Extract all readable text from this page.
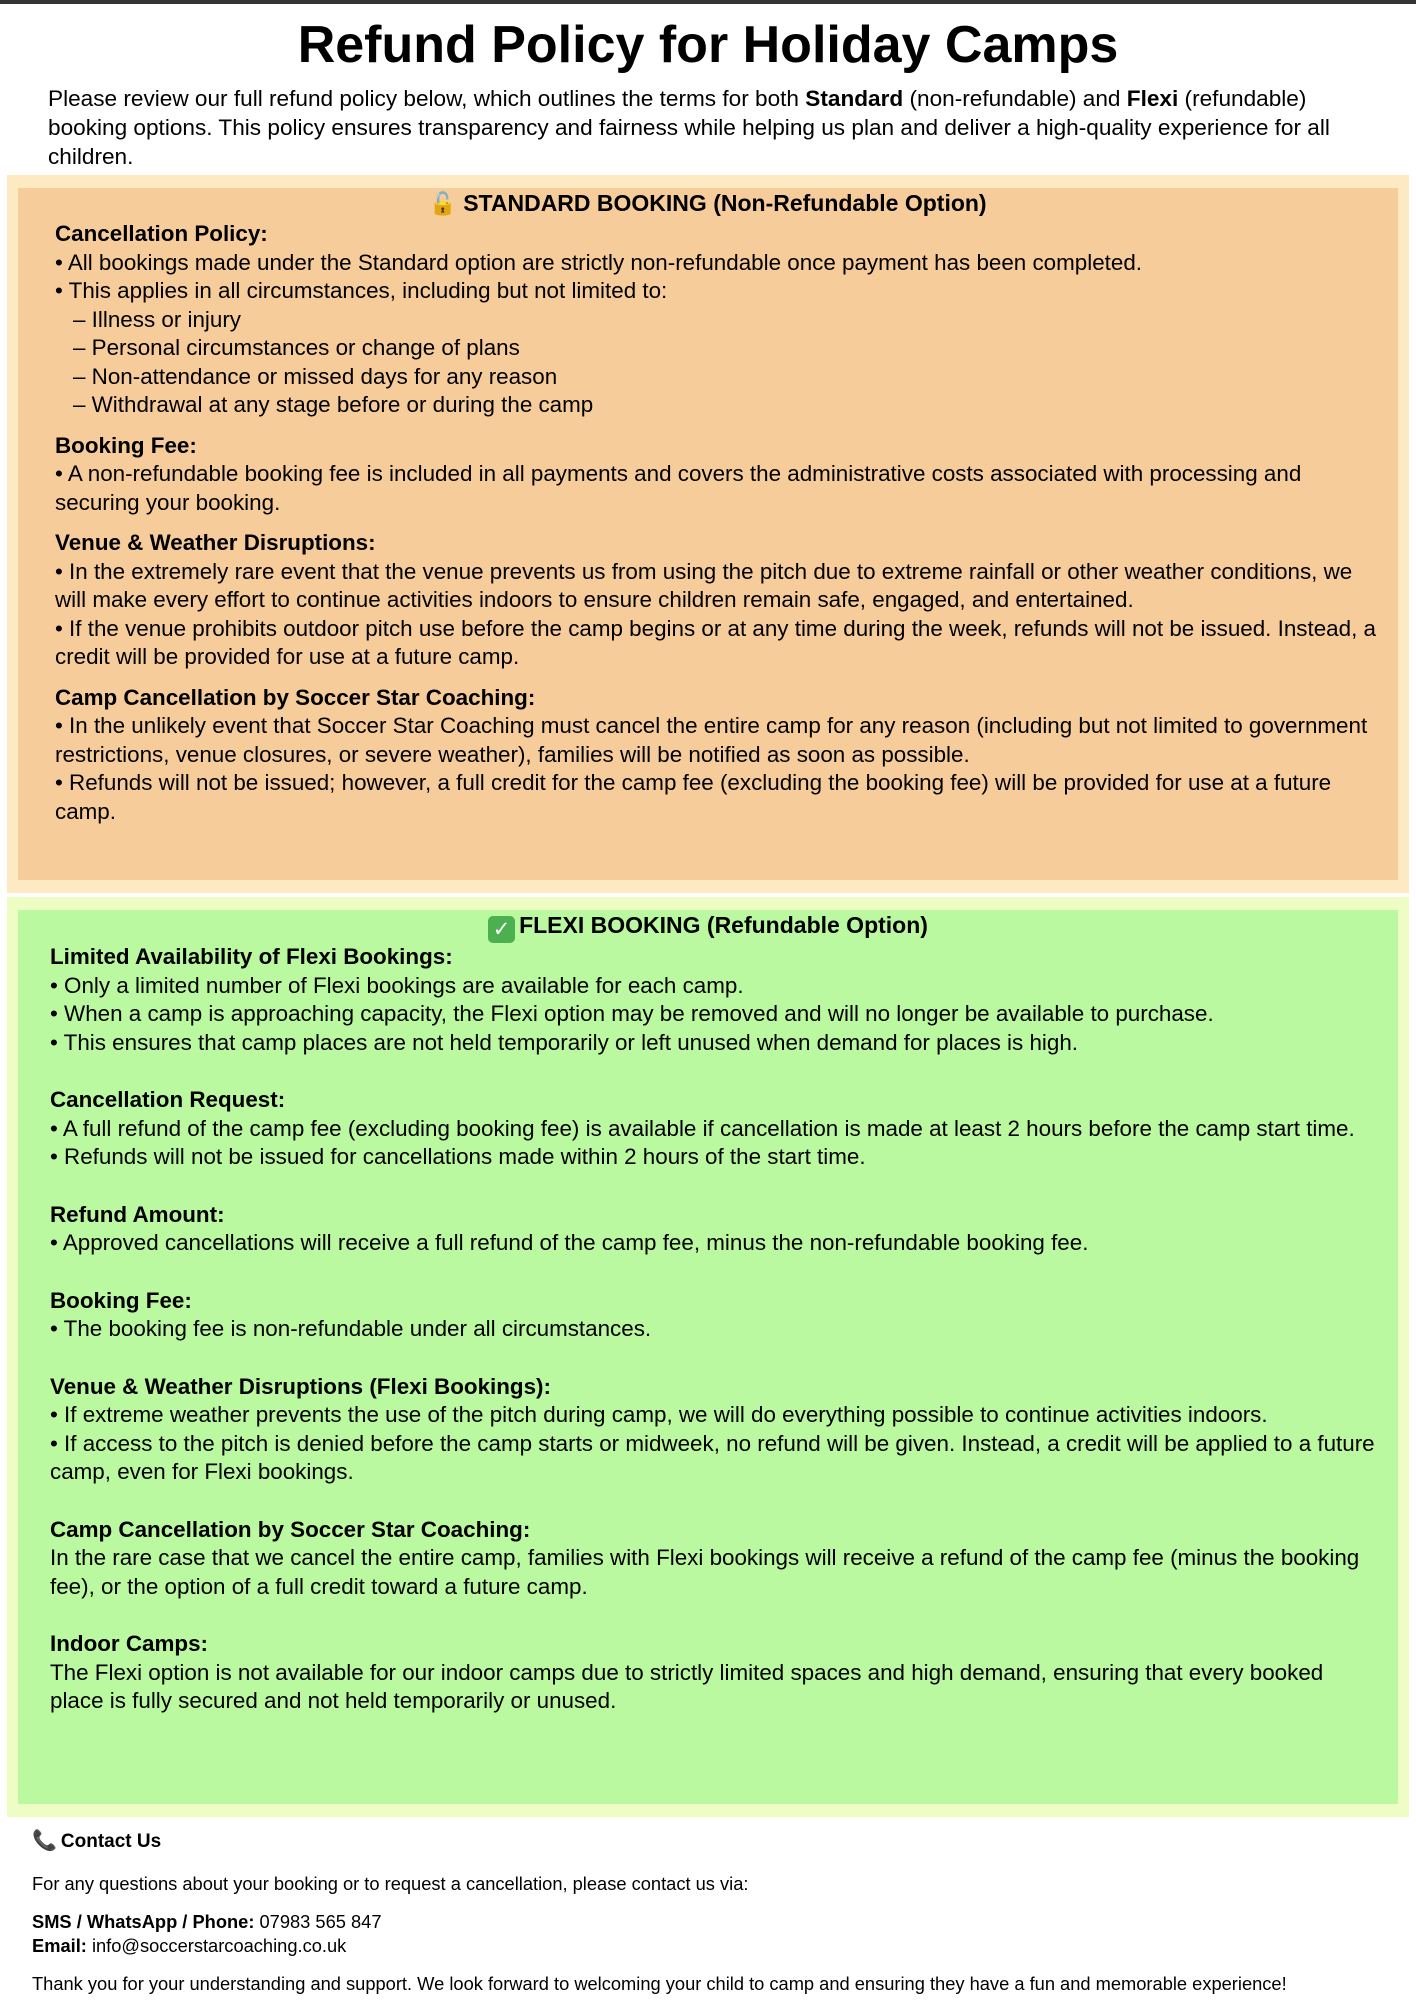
Refund Policy for Holiday Camps

Please review our full refund policy below, which outlines the terms for both Standard (non-refundable) and Flexi (refundable) booking options. This policy ensures transparency and fairness while helping us plan and deliver a high-quality experience for all children.

🔓 STANDARD BOOKING (Non-Refundable Option)
Cancellation Policy:
• All bookings made under the Standard option are strictly non-refundable once payment has been completed.
• This applies in all circumstances, including but not limited to:
– Illness or injury
– Personal circumstances or change of plans
– Non-attendance or missed days for any reason
– Withdrawal at any stage before or during the camp
Booking Fee:
• A non-refundable booking fee is included in all payments and covers the administrative costs associated with processing and securing your booking.
Venue & Weather Disruptions:
• In the extremely rare event that the venue prevents us from using the pitch due to extreme rainfall or other weather conditions, we will make every effort to continue activities indoors to ensure children remain safe, engaged, and entertained.
• If the venue prohibits outdoor pitch use before the camp begins or at any time during the week, refunds will not be issued. Instead, a credit will be provided for use at a future camp.
Camp Cancellation by Soccer Star Coaching:
• In the unlikely event that Soccer Star Coaching must cancel the entire camp for any reason (including but not limited to government restrictions, venue closures, or severe weather), families will be notified as soon as possible.
• Refunds will not be issued; however, a full credit for the camp fee (excluding the booking fee) will be provided for use at a future camp.
✓ FLEXI BOOKING (Refundable Option)
Limited Availability of Flexi Bookings:
• Only a limited number of Flexi bookings are available for each camp.
• When a camp is approaching capacity, the Flexi option may be removed and will no longer be available to purchase.
• This ensures that camp places are not held temporarily or left unused when demand for places is high.
Cancellation Request:
• A full refund of the camp fee (excluding booking fee) is available if cancellation is made at least 2 hours before the camp start time.
• Refunds will not be issued for cancellations made within 2 hours of the start time.
Refund Amount:
• Approved cancellations will receive a full refund of the camp fee, minus the non-refundable booking fee.
Booking Fee:
• The booking fee is non-refundable under all circumstances.
Venue & Weather Disruptions (Flexi Bookings):
• If extreme weather prevents the use of the pitch during camp, we will do everything possible to continue activities indoors.
• If access to the pitch is denied before the camp starts or midweek, no refund will be given. Instead, a credit will be applied to a future camp, even for Flexi bookings.
Camp Cancellation by Soccer Star Coaching:
In the rare case that we cancel the entire camp, families with Flexi bookings will receive a refund of the camp fee (minus the booking fee), or the option of a full credit toward a future camp.
Indoor Camps:
The Flexi option is not available for our indoor camps due to strictly limited spaces and high demand, ensuring that every booked place is fully secured and not held temporarily or unused.
📞 Contact Us

For any questions about your booking or to request a cancellation, please contact us via:

SMS / WhatsApp / Phone: 07983 565 847

Email: info@soccerstarcoaching.co.uk

Thank you for your understanding and support. We look forward to welcoming your child to camp and ensuring they have a fun and memorable experience!
